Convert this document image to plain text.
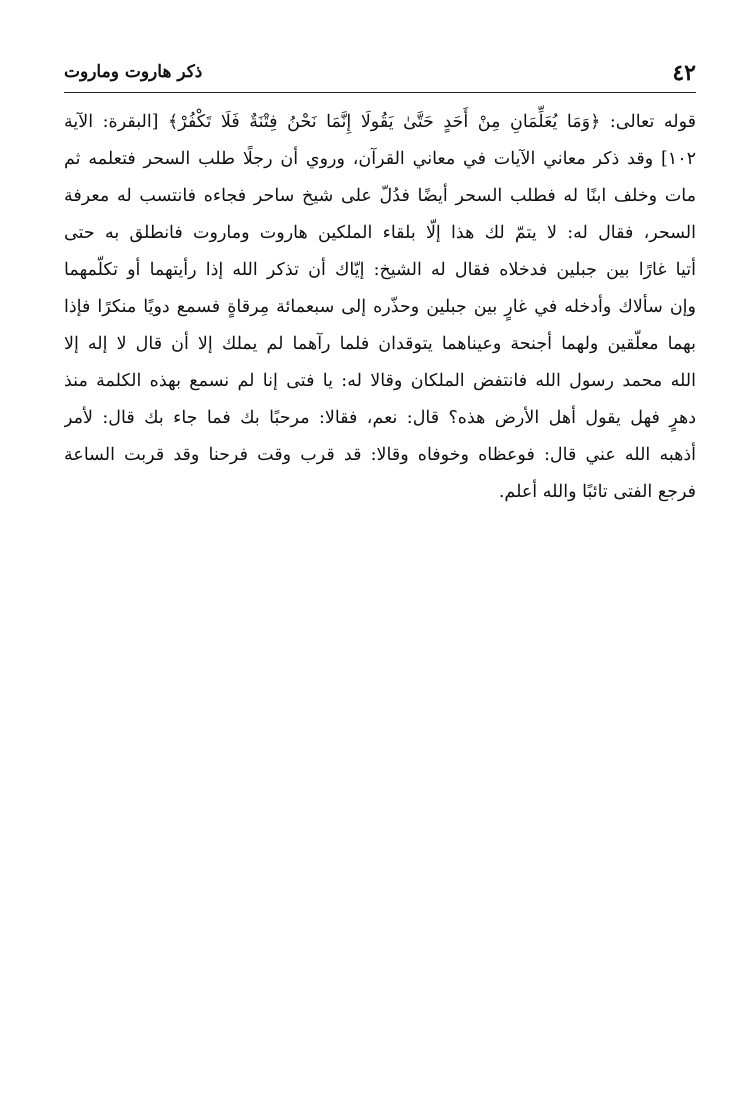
٤٢
ذكر هاروت وماروت
قوله تعالى: ﴿وَمَا يُعَلِّمَانِ مِنْ أَحَدٍ حَتَّىٰ يَقُولَا إِنَّمَا نَحْنُ فِتْنَةٌ فَلَا تَكْفُرْ﴾ [البقرة: الآية
١٠٢] وقد ذكر معاني الآيات في معاني القرآن، وروي أن رجلًا طلب السحر فتعلمه ثم
مات وخلف ابنًا له فطلب السحر أيضًا فدُلّ على شيخ ساحر فجاءه فانتسب له معرفة
السحر، فقال له: لا يتمّ لك هذا إلّا بلقاء الملكين هاروت وماروت فانطلق به حتى
أتيا غارًا بين جبلين فدخلاه فقال له الشيخ: إيّاك أن تذكر الله إذا رأيتهما أو تكلّمهما
وإن سألاك وأدخله في غارٍ بين جبلين وحذّره إلى سبعمائة مِرقاةٍ فسمع دويًا منكرًا فإذا
بهما معلّقين ولهما أجنحة وعيناهما يتوقدان فلما رآهما لم يملك إلا أن قال لا إله إلا
الله محمد رسول الله فانتفض الملكان وقالا له: يا فتى إنا لم نسمع بهذه الكلمة منذ
دهرٍ فهل يقول أهل الأرض هذه؟ قال: نعم، فقالا: مرحبًا بك فما جاء بك قال: لأمر
أذهبه الله عني قال: فوعظاه وخوفاه وقالا: قد قرب وقت فرحنا وقد قربت الساعة
فرجع الفتى تائبًا والله أعلم.
